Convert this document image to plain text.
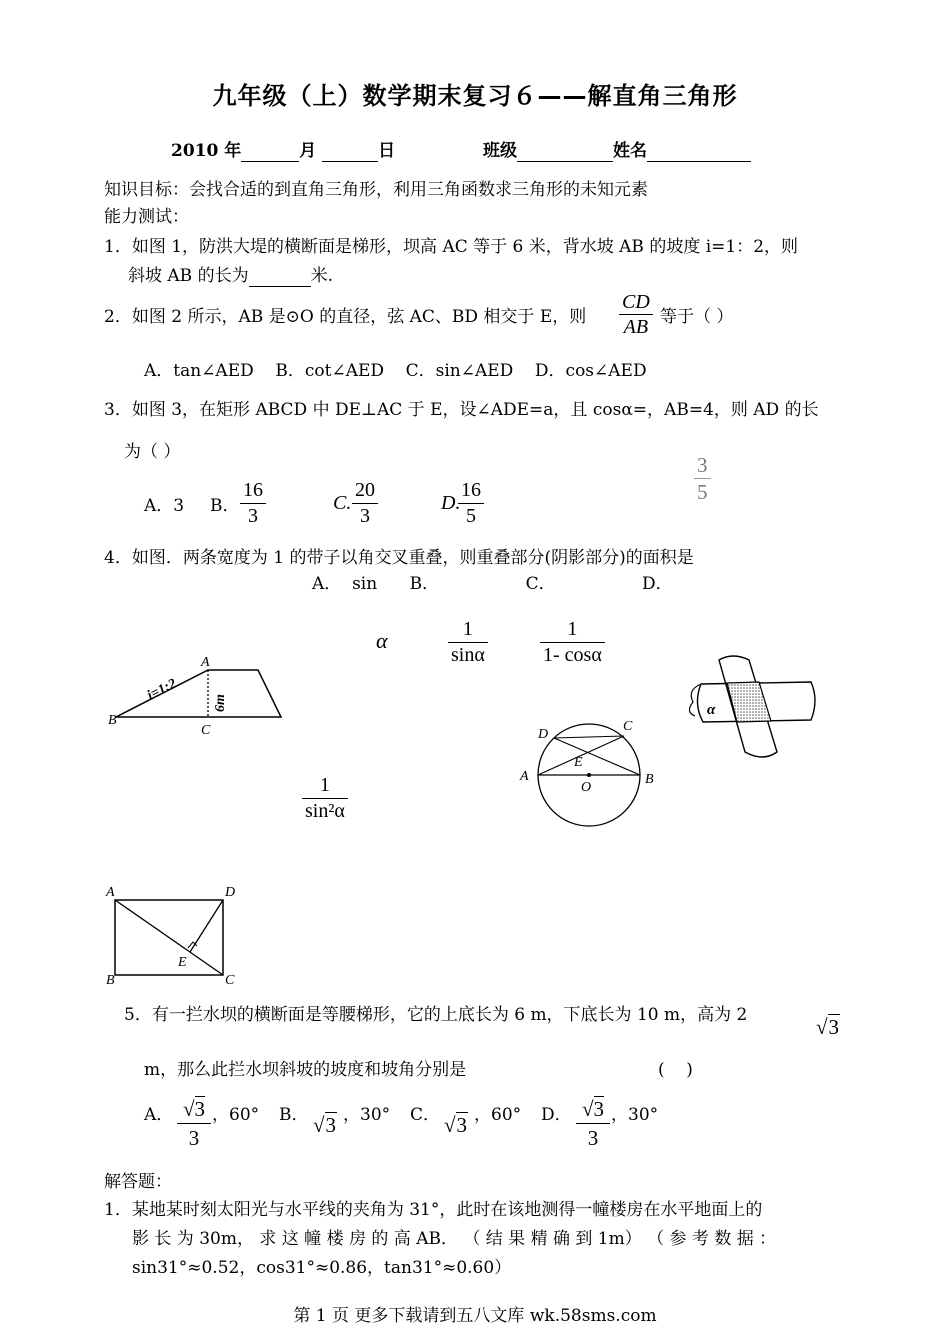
九年级（上）数学期末复习６——解直角三角形
2010 年	月	日	班级	姓名
知识目标：会找合适的到直角三角形，利用三角函数求三角形的未知元素
能力测试：
1．如图 1，防洪大堤的横断面是梯形，坝高 AC 等于 6 米，背水坡 AB 的坡度 i=1：2，则
斜坡 AB 的长为	米.
2．如图 2 所示，AB 是⊙O 的直径，弦 AC、BD 相交于 E，则 $\frac{CD}{AB}$ 等于（ ）
A．tan∠AED    B．cot∠AED    C．sin∠AED    D．cos∠AED
3．如图 3，在矩形 ABCD 中 DE⊥AC 于 E，设∠ADE=a，且 cosα=，AB=4，则 AD 的长
为（ ）	$\frac{3}{5}$
A．3 B． $\frac{16}{3}$	C. $\frac{20}{3}$	D.
$\frac{16}{5}$
4．如图．两条宽度为 1 的带子以角交叉重叠，则重叠部分(阴影部分)的面积是
A．  sin      B．                C．                D．
α	$\frac{1}{\sin\alpha}$	$\frac{1}{1- \cos\alpha}$
$\frac{1}{\text{sin²α}}$
A
B
C
i=1:2 6m
A	B
C
D
E
O
α
A
B	C
D
E
5．有一拦水坝的横断面是等腰梯形，它的上底长为 6 m，下底长为 10 m，高为 2	√3
m，那么此拦水坝斜坡的坡度和坡角分别是	(    )
A． $\frac{√3}{3}$ ，60° B． √3 ，30° C． √3 ，60° D． $\frac{√3}{3}$ ，30°
解答题：
1．某地某时刻太阳光与水平线的夹角为 31°，此时在该地测得一幢楼房在水平地面上的
影 长 为 30m， 求 这 幢 楼 房 的 高 AB． （ 结 果 精 确 到 1m） （ 参 考 数 据 ：
sin31°≈0.52，cos31°≈0.86，tan31°≈0.60）
第 1 页 更多下载请到五八文库 wk.58sms.com
